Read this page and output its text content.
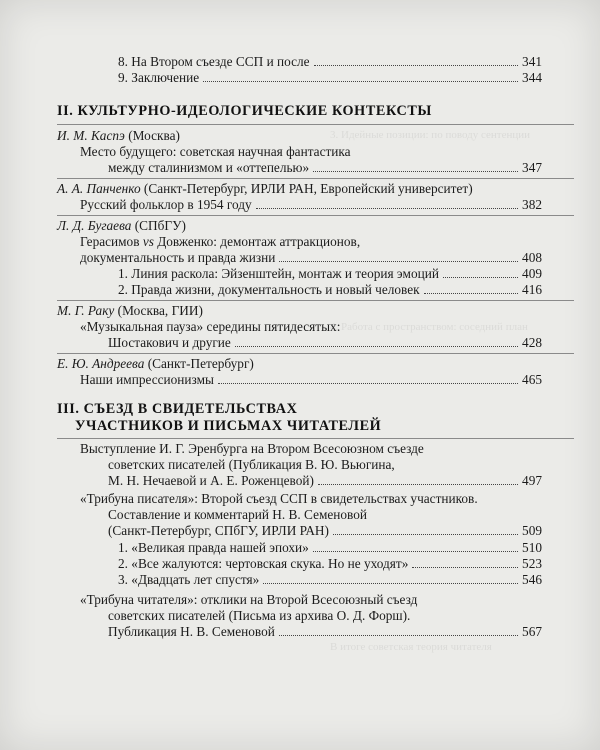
3. Идейные позиции: по поводу сентенции
4. Работа с пространством: соседний план
В итоге советская теория читателя
8. На Втором съезде ССП и после	341
9. Заключение	344
II. КУЛЬТУРНО-ИДЕОЛОГИЧЕСКИЕ КОНТЕКСТЫ
И. М. Каспэ (Москва)
Место будущего: советская научная фантастика
между сталинизмом и «оттепелью»	347
А. А. Панченко (Санкт-Петербург, ИРЛИ РАН, Европейский университет)
Русский фольклор в 1954 году	382
Л. Д. Бугаева (СПбГУ)
Герасимов vs Довженко: демонтаж аттракционов,
документальность и правда жизни	408
1. Линия раскола: Эйзенштейн, монтаж и теория эмоций	409
2. Правда жизни, документальность и новый человек	416
М. Г. Раку (Москва, ГИИ)
«Музыкальная пауза» середины пятидесятых:
Шостакович и другие	428
Е. Ю. Андреева (Санкт-Петербург)
Наши импрессионизмы	465
III. СЪЕЗД В СВИДЕТЕЛЬСТВАХ
УЧАСТНИКОВ И ПИСЬМАХ ЧИТАТЕЛЕЙ
Выступление И. Г. Эренбурга на Втором Всесоюзном съезде
советских писателей (Публикация В. Ю. Вьюгина,
М. Н. Нечаевой и А. Е. Роженцевой)	497
«Трибуна писателя»: Второй съезд ССП в свидетельствах участников.
Составление и комментарий Н. В. Семеновой
(Санкт-Петербург, СПбГУ, ИРЛИ РАН)	509
1. «Великая правда нашей эпохи»	510
2. «Все жалуются: чертовская скука. Но не уходят»	523
3. «Двадцать лет спустя»	546
«Трибуна читателя»: отклики на Второй Всесоюзный съезд
советских писателей (Письма из архива О. Д. Форш).
Публикация Н. В. Семеновой	567
